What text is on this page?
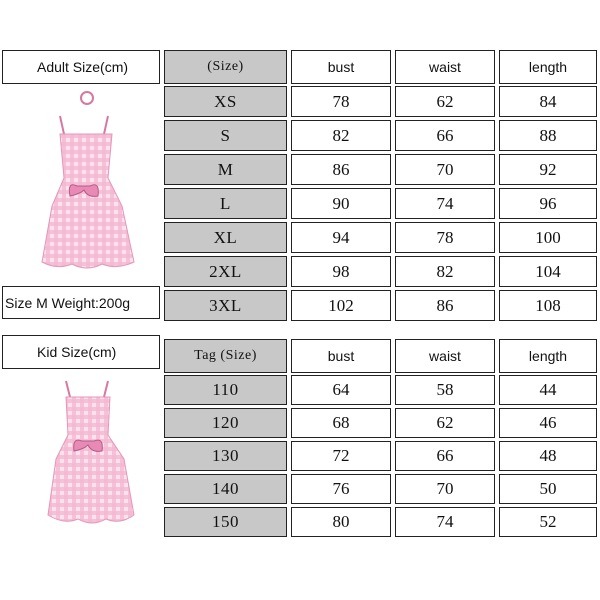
Adult Size(cm)	(Size)	bust	waist	length
Size M Weight:200g
XS	78	62	84
S	82	66	88
M	86	70	92
L	90	74	96
XL	94	78	100
2XL	98	82	104
3XL	102	86	108
Kid Size(cm)	Tag (Size)	bust	waist	length
110	64	58	44
120	68	62	46
130	72	66	48
140	76	70	50
150	80	74	52
